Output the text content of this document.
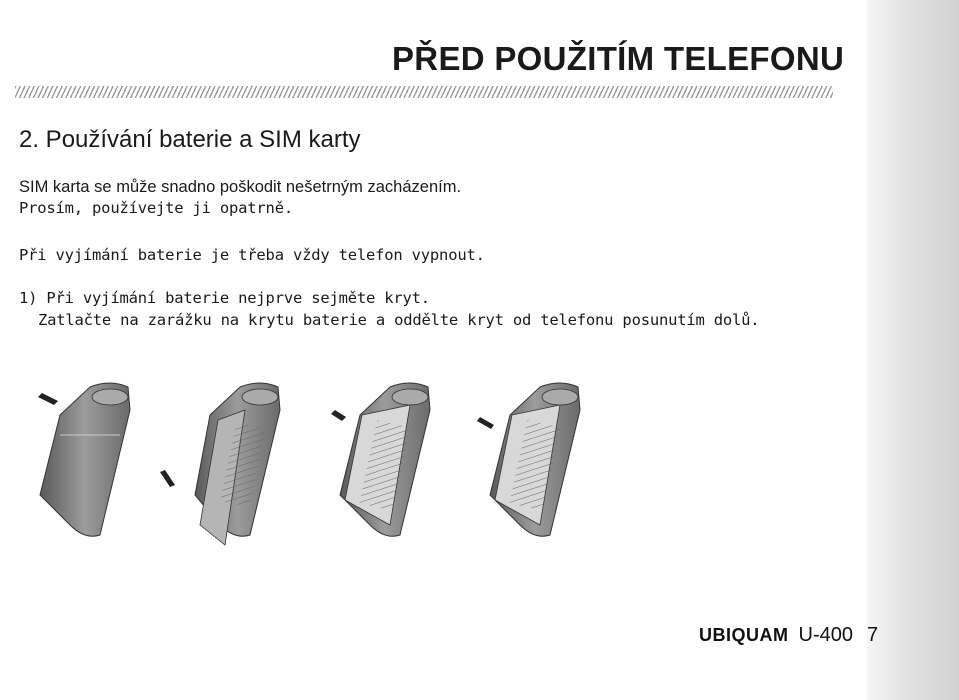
PŘED POUŽITÍM TELEFONU
2. Používání baterie a SIM karty
SIM karta se může snadno poškodit nešetrným zacházením.
Prosím, používejte ji opatrně.
Při vyjímání baterie je třeba vždy telefon vypnout.
1) Při vyjímání baterie nejprve sejměte kryt.
Zatlačte na zarážku na krytu baterie a oddělte kryt od telefonu posunutím dolů.
UBIQUAM U-400 7
